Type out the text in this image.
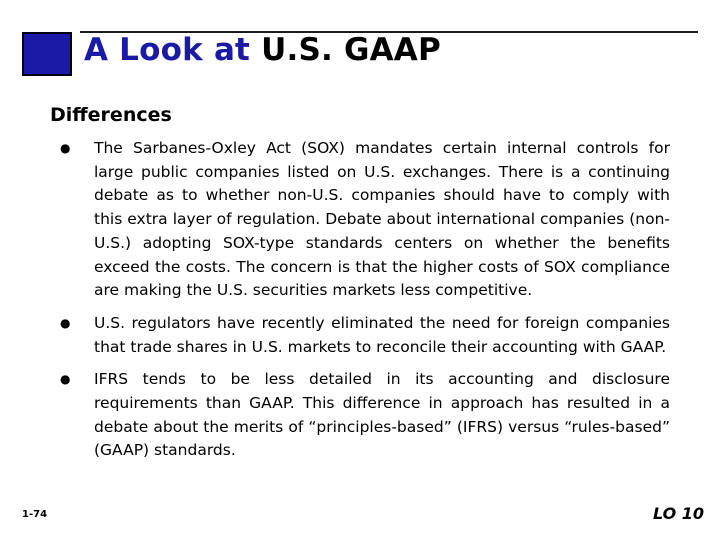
A Look at U.S. GAAP
Differences
● The Sarbanes-Oxley Act (SOX) mandates certain internal controls for large public companies listed on U.S. exchanges. There is a continuing debate as to whether non-U.S. companies should have to comply with this extra layer of regulation. Debate about international companies (non-U.S.) adopting SOX-type standards centers on whether the benefits exceed the costs. The concern is that the higher costs of SOX compliance are making the U.S. securities markets less competitive.
● U.S. regulators have recently eliminated the need for foreign companies that trade shares in U.S. markets to reconcile their accounting with GAAP.
● IFRS tends to be less detailed in its accounting and disclosure requirements than GAAP. This difference in approach has resulted in a debate about the merits of “principles-based” (IFRS) versus “rules-based” (GAAP) standards.
1-74	LO 10
